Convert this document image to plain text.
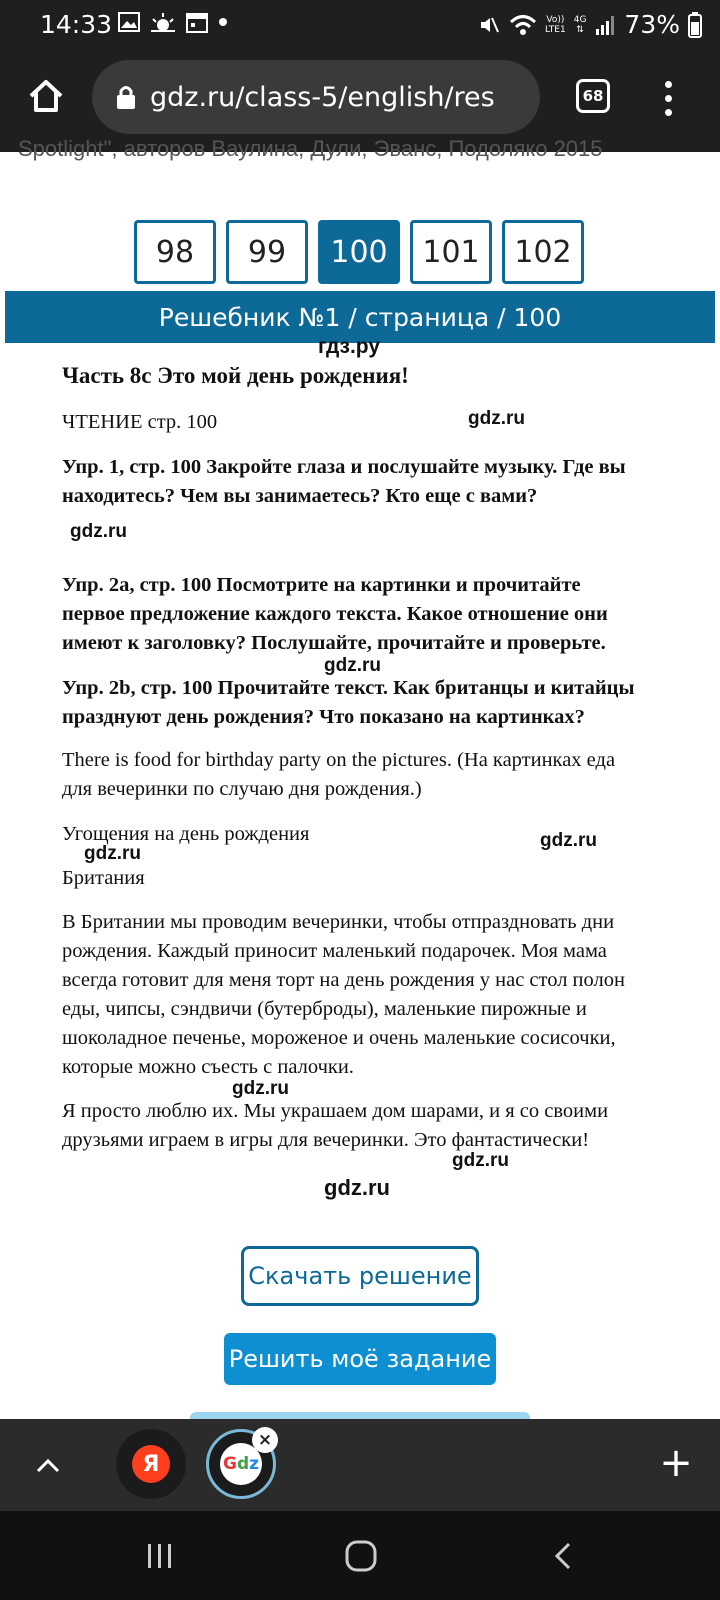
14:33	Vo))
LTE1
4G
⇅ 73%
gdz.ru/class-5/english/res	68
Spotlight", авторов Ваулина, Дули, Эванс, Подоляко 2015
98	99	100	101	102
Решебник №1 / страница / 100
гдз.ру
Часть 8с Это мой день рождения!
ЧТЕНИЕ стр. 100	gdz.ru
Упр. 1, стр. 100 Закройте глаза и послушайте музыку. Где вы
находитесь? Чем вы занимаетесь? Кто еще с вами?
gdz.ru
Упр. 2а, стр. 100 Посмотрите на картинки и прочитайте
первое предложение каждого текста. Какое отношение они
имеют к заголовку? Послушайте, прочитайте и проверьте.
gdz.ru
Упр. 2b, стр. 100 Прочитайте текст. Как британцы и китайцы
празднуют день рождения? Что показано на картинках?
There is food for birthday party on the pictures. (На картинках еда
для вечеринки по случаю дня рождения.)
Угощения на день рождения	gdz.ru
gdz.ru
Британия
В Британии мы проводим вечеринки, чтобы отпраздновать дни
рождения. Каждый приносит маленький подарочек. Моя мама
всегда готовит для меня торт на день рождения у нас стол полон
еды, чипсы, сэндвичи (бутерброды), маленькие пирожные и
шоколадное печенье, мороженое и очень маленькие сосисочки,
которые можно съесть с палочки.
gdz.ru
Я просто люблю их. Мы украшаем дом шарами, и я со своими
друзьями играем в игры для вечеринки. Это фантастически!
gdz.ru
gdz.ru
Скачать решение
Решить моё задание
Я	G d z
×	+
